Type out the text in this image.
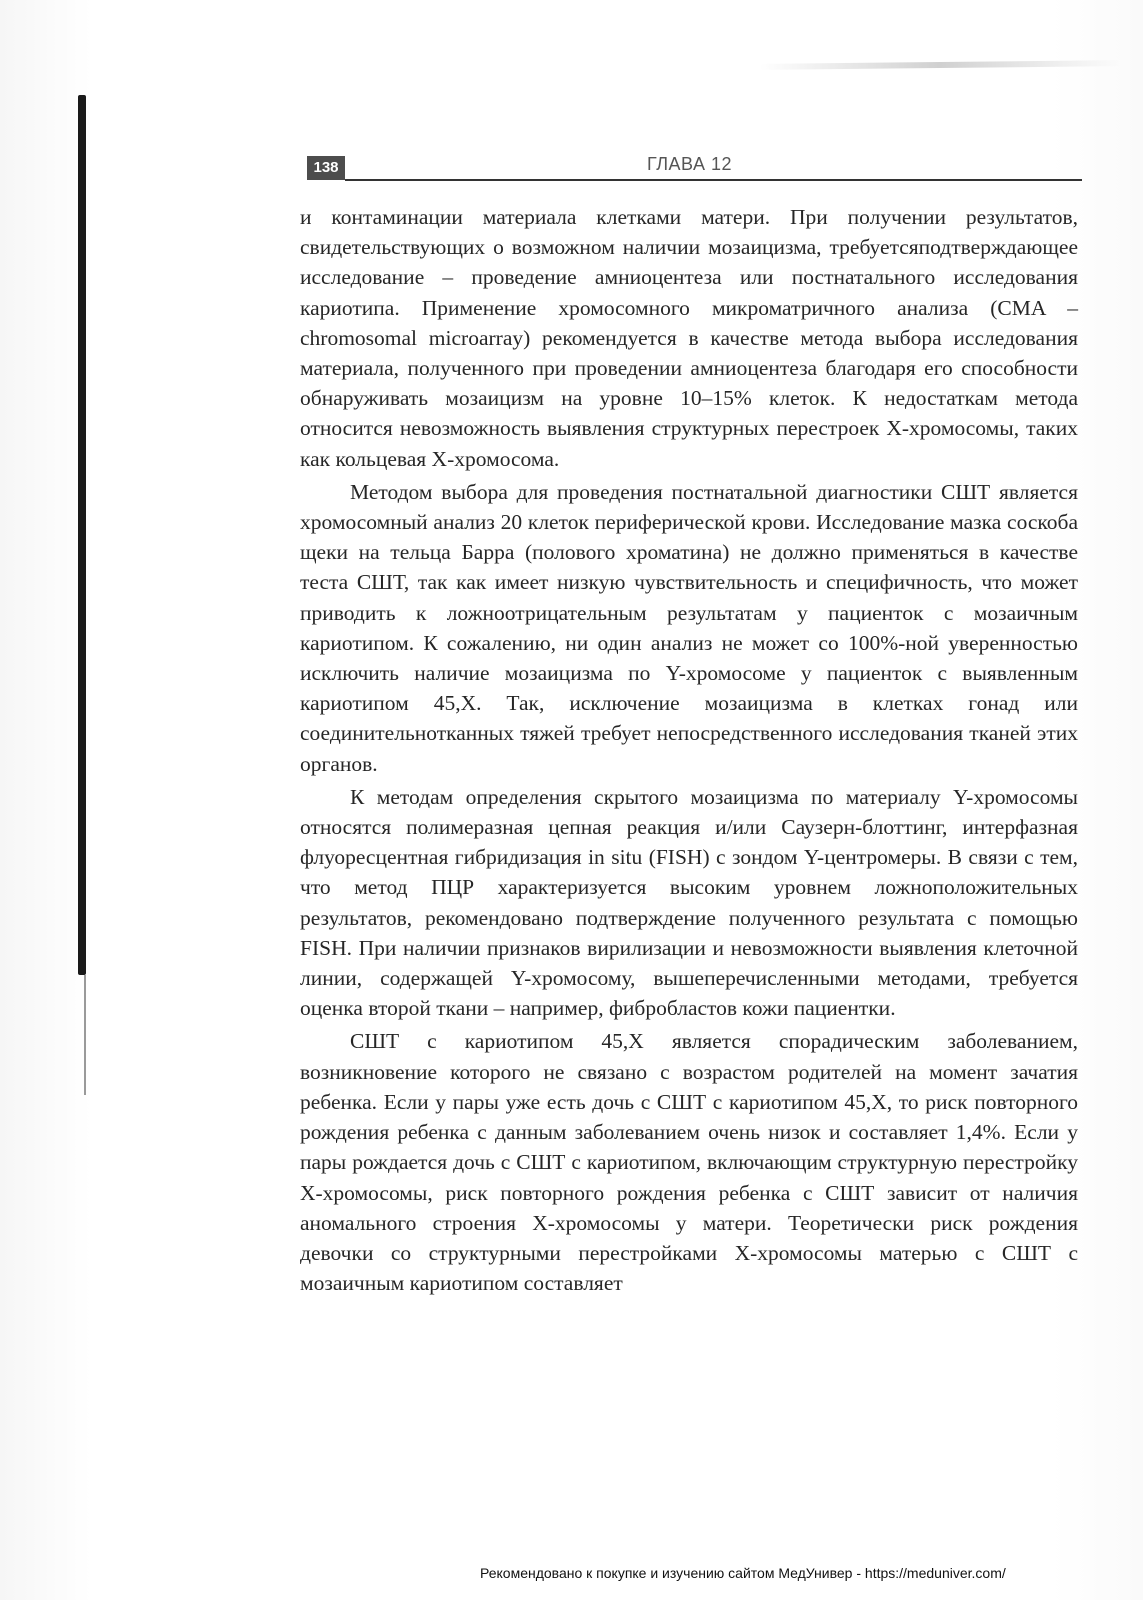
138	ГЛАВА 12

и контаминации материала клетками матери. При получении результатов, свидетельствующих о возможном наличии мозаицизма, требуетсяподтверждающее исследование – проведение амниоцентеза или постнатального исследования кариотипа. Применение хромосомного микроматричного анализа (CMA – chromosomal microarray) рекомендуется в качестве метода выбора исследования материала, полученного при проведении амниоцентеза благодаря его способности обнаруживать мозаицизм на уровне 10–15% клеток. К недостаткам метода относится невозможность выявления структурных перестроек X-хромосомы, таких как кольцевая X-хромосома.

Методом выбора для проведения постнатальной диагностики СШТ является хромосомный анализ 20 клеток периферической крови. Исследование мазка соскоба щеки на тельца Барра (полового хроматина) не должно применяться в качестве теста СШТ, так как имеет низкую чувствительность и специфичность, что может приводить к ложноотрицательным результатам у пациенток с мозаичным кариотипом. К сожалению, ни один анализ не может со 100%-ной уверенностью исключить наличие мозаицизма по Y-хромосоме у пациенток с выявленным кариотипом 45,X. Так, исключение мозаицизма в клетках гонад или соединительнотканных тяжей требует непосредственного исследования тканей этих органов.

К методам определения скрытого мозаицизма по материалу Y-хромосомы относятся полимеразная цепная реакция и/или Саузерн-блоттинг, интерфазная флуоресцентная гибридизация in situ (FISH) с зондом Y-центромеры. В связи с тем, что метод ПЦР характеризуется высоким уровнем ложноположительных результатов, рекомендовано подтверждение полученного результата с помощью FISH. При наличии признаков вирилизации и невозможности выявления клеточной линии, содержащей Y-хромосому, вышеперечисленными методами, требуется оценка второй ткани – например, фибробластов кожи пациентки.

СШТ с кариотипом 45,X является спорадическим заболеванием, возникновение которого не связано с возрастом родителей на момент зачатия ребенка. Если у пары уже есть дочь с СШТ с кариотипом 45,X, то риск повторного рождения ребенка с данным заболеванием очень низок и составляет 1,4%. Если у пары рождается дочь с СШТ с кариотипом, включающим структурную перестройку X-хромосомы, риск повторного рождения ребенка с СШТ зависит от наличия аномального строения X-хромосомы у матери. Теоретически риск рождения девочки со структурными перестройками X-хромосомы матерью с СШТ с мозаичным кариотипом составляет

Рекомендовано к покупке и изучению сайтом МедУнивер - https://meduniver.com/
